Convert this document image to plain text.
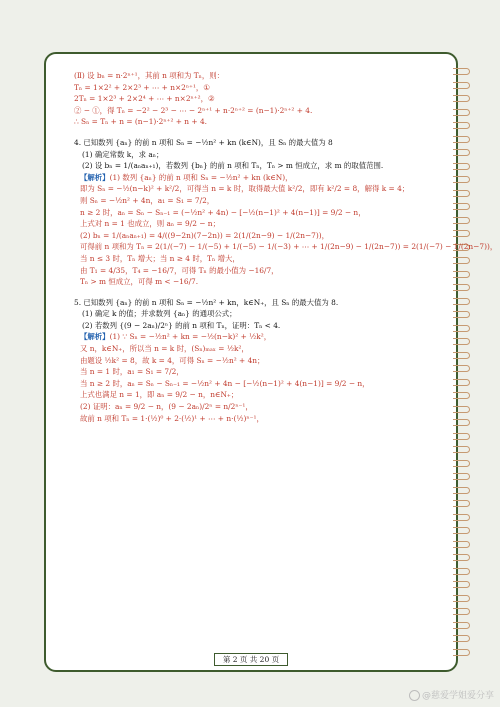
(Ⅱ) 设 bₙ = n·2ⁿ⁺¹，其前 n 项和为 Tₙ，则：
Tₙ = 1×2² + 2×2³ + ⋯ + n×2ⁿ⁺¹，①
2Tₙ = 1×2³ + 2×2⁴ + ⋯ + n×2ⁿ⁺²，②
② − ①，得 Tₙ = −2² − 2³ − ⋯ − 2ⁿ⁺¹ + n·2ⁿ⁺² = (n−1)·2ⁿ⁺² + 4.
∴ Sₙ = Tₙ + n = (n−1)·2ⁿ⁺² + n + 4.
4. 已知数列 {aₙ} 的前 n 项和 Sₙ = −½n² + kn (k∈N)，且 Sₙ 的最大值为 8
(1) 确定常数 k，求 aₙ；
(2) 设 bₙ = 1/(aₙaₙ₊₁)，若数列 {bₙ} 的前 n 项和 Tₙ，Tₙ > m 恒成立，求 m 的取值范围.
【解析】(1) 数列 {aₙ} 的前 n 项和 Sₙ = −½n² + kn (k∈N)，
即为 Sₙ = −½(n−k)² + k²/2，可得当 n = k 时，取得最大值 k²/2，即有 k²/2 = 8，解得 k = 4；
则 Sₙ = −½n² + 4n，a₁ = S₁ = 7/2，
n ≥ 2 时，aₙ = Sₙ − Sₙ₋₁ = (−½n² + 4n) − [−½(n−1)² + 4(n−1)] = 9/2 − n，
上式对 n = 1 也成立，则 aₙ = 9/2 − n；
(2) bₙ = 1/(aₙaₙ₊₁) = 4/((9−2n)(7−2n)) = 2(1/(2n−9) − 1/(2n−7))，
可得前 n 项和为 Tₙ = 2(1/(−7) − 1/(−5) + 1/(−5) − 1/(−3) + ⋯ + 1/(2n−9) − 1/(2n−7)) = 2(1/(−7) − 1/(2n−7))，
当 n ≤ 3 时，Tₙ 增大；当 n ≥ 4 时，Tₙ 增大，
由 T₁ = 4/35，T₄ = −16/7，可得 Tₙ 的最小值为 −16/7，
Tₙ > m 恒成立，可得 m < −16/7.
5. 已知数列 {aₙ} 的前 n 项和 Sₙ = −½n² + kn，k∈N₊，且 Sₙ 的最大值为 8.
(1) 确定 k 的值；并求数列 {aₙ} 的通项公式；
(2) 若数列 {(9 − 2aₙ)/2ⁿ} 的前 n 项和 Tₙ，证明：Tₙ < 4.
【解析】(1) ∵ Sₙ = −½n² + kn = −½(n−k)² + ½k²，
又 n，k∈N₊，所以当 n = k 时，(Sₙ)ₘₐₓ = ½k²，
由题设 ½k² = 8，故 k = 4，可得 Sₙ = −½n² + 4n；
当 n = 1 时，a₁ = S₁ = 7/2，
当 n ≥ 2 时，aₙ = Sₙ − Sₙ₋₁ = −½n² + 4n − [−½(n−1)² + 4(n−1)] = 9/2 − n，
上式也满足 n = 1，即 aₙ = 9/2 − n，n∈N₊；
(2) 证明：aₙ = 9/2 − n，(9 − 2aₙ)/2ⁿ = n/2ⁿ⁻¹，
故前 n 项和 Tₙ = 1·(½)⁰ + 2·(½)¹ + ⋯ + n·(½)ⁿ⁻¹，
第 2 页 共 20 页
@慈爱学姐爱分享
